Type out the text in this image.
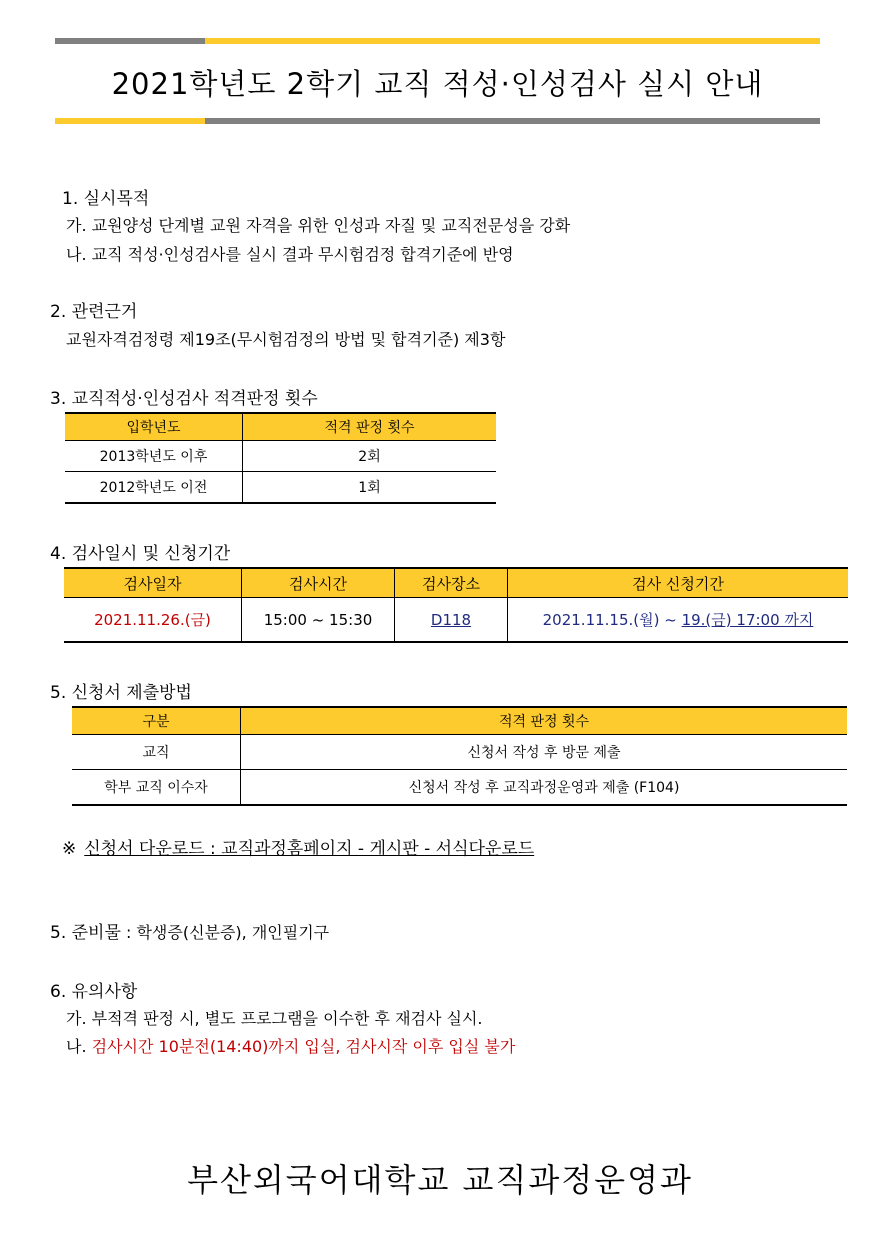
2021학년도 2학기 교직 적성·인성검사 실시 안내
1. 실시목적
가. 교원양성 단계별 교원 자격을 위한 인성과 자질 및 교직전문성을 강화
나. 교직 적성·인성검사를 실시 결과 무시험검정 합격기준에 반영
2. 관련근거
교원자격검정령 제19조(무시험검정의 방법 및 합격기준) 제3항
3. 교직적성·인성검사 적격판정 횟수
입학년도	적격 판정 횟수
2013학년도 이후	2회
2012학년도 이전	1회
4. 검사일시 및 신청기간
검사일자	검사시간	검사장소	검사 신청기간
2021.11.26.(금)	15:00 ~ 15:30	D118	2021.11.15.(월) ~ 19.(금) 17:00 까지
5. 신청서 제출방법
구분	적격 판정 횟수
교직	신청서 작성 후 방문 제출
학부 교직 이수자	신청서 작성 후 교직과정운영과 제출 (F104)
※ 신청서 다운로드 : 교직과정홈페이지 - 게시판 - 서식다운로드
5. 준비물 : 학생증(신분증), 개인필기구
6. 유의사항
가. 부적격 판정 시, 별도 프로그램을 이수한 후 재검사 실시.
나. 검사시간 10분전(14:40)까지 입실, 검사시작 이후 입실 불가
부산외국어대학교 교직과정운영과
